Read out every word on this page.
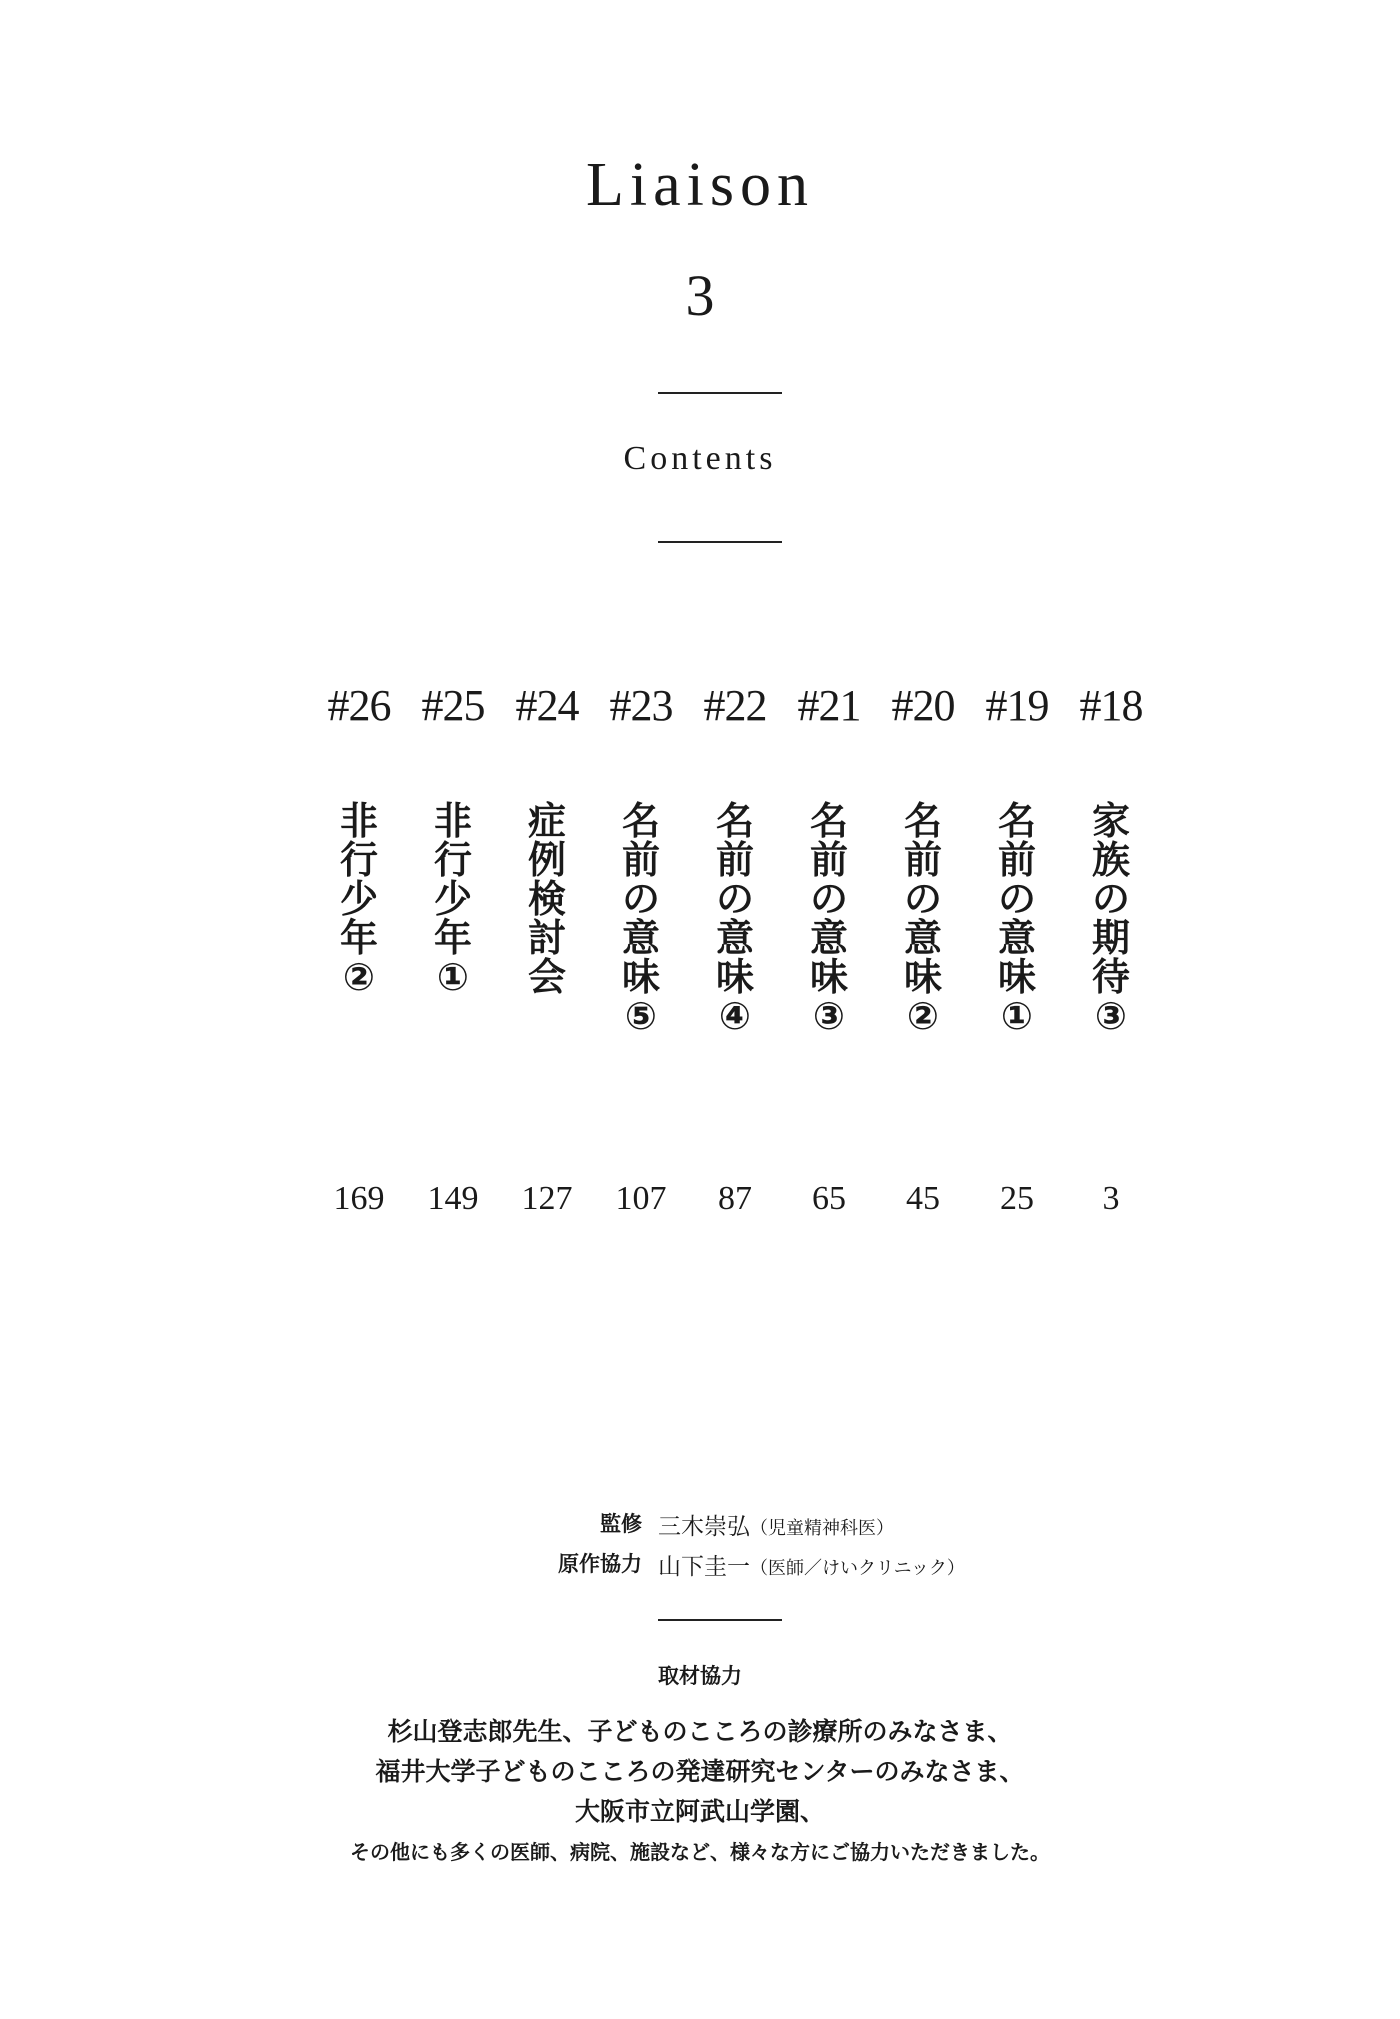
Liaison
3
Contents
#26
非行少年②
169
#25
非行少年①
149
#24
症例検討会
127
#23
名前の意味⑤
107
#22
名前の意味④
87
#21
名前の意味③
65
#20
名前の意味②
45
#19
名前の意味①
25
#18
家族の期待③
3
監修 三木崇弘（児童精神科医）
原作協力 山下圭一（医師／けいクリニック）
取材協力
杉山登志郎先生、子どものこころの診療所のみなさま、
福井大学子どものこころの発達研究センターのみなさま、
大阪市立阿武山学園、
その他にも多くの医師、病院、施設など、様々な方にご協力いただきました。
